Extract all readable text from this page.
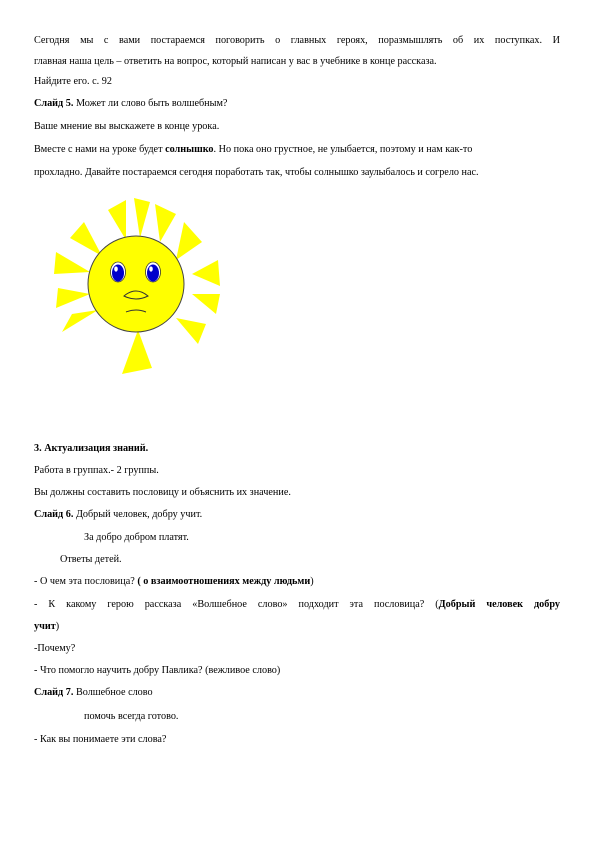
Сегодня мы с вами постараемся поговорить о главных героях, поразмышлять об их поступках. И
главная наша цель – ответить на вопрос, который написан у вас в учебнике в конце рассказа.
Найдите его. с. 92
Слайд 5. Может ли слово быть волшебным?
Ваше мнение вы выскажете в конце урока.
Вместе с нами на уроке будет солнышко. Но пока оно грустное, не улыбается, поэтому и нам как-то
прохладно. Давайте постараемся сегодня поработать так, чтобы солнышко заулыбалось и согрело нас.
3. Актуализация знаний.
Работа в группах.- 2 группы.
Вы должны составить пословицу и объяснить их значение.
Слайд 6. Добрый человек, добру учит.
За добро добром платят.
Ответы детей.
- О чем эта пословица? ( о взаимоотношениях между людьми)
- К какому герою рассказа «Волшебное слово» подходит эта пословица? (Добрый человек добру
учит)
-Почему?
- Что помогло научить добру Павлика? (вежливое слово)
Слайд 7. Волшебное слово
помочь всегда готово.
- Как вы понимаете эти слова?
